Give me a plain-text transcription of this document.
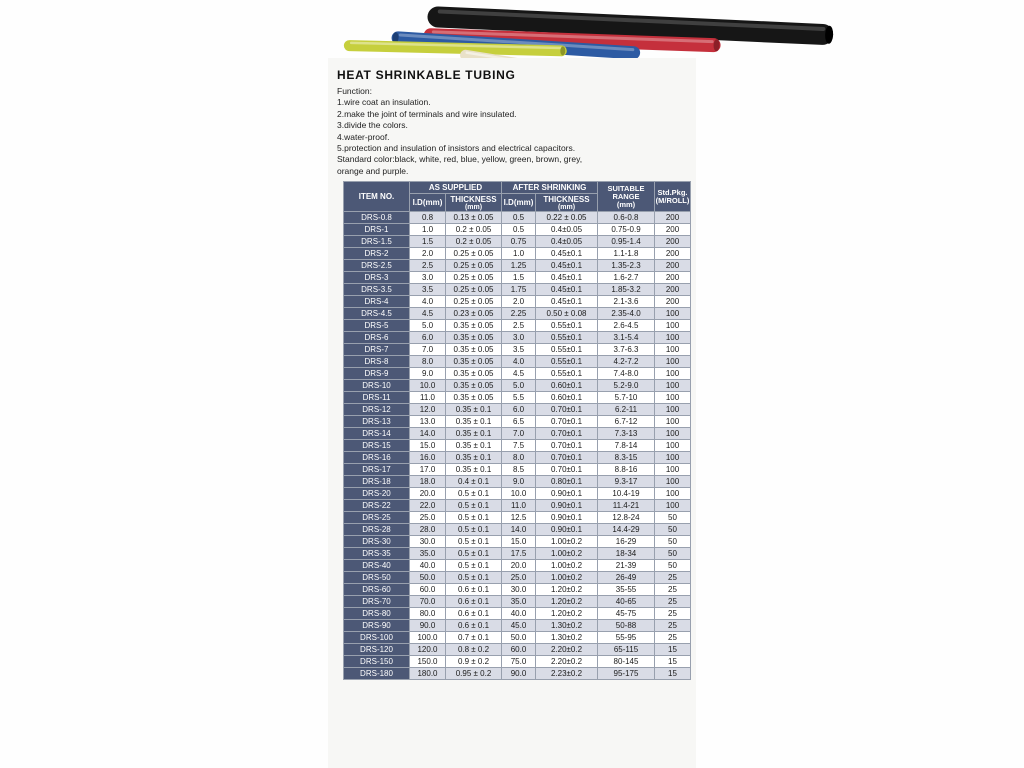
HEAT SHRINKABLE TUBING
Function:
1.wire coat an insulation.
2.make the joint of terminals and wire insulated.
3.divide the colors.
4.water-proof.
5.protection and insulation of insistors and electrical capacitors.
Standard color:black, white, red, blue, yellow, green, brown, grey,
orange and purple.
ITEM NO.	AS SUPPLIED		AFTER SHRINKING		SUITABLE
RANGE
(mm)	Std.Pkg.
(M/ROLL)

	I.D(mm)	THICKNESS
(mm)	I.D(mm)	THICKNESS
(mm)		

DRS-0.8	0.8	0.13 ± 0.05	0.5	0.22 ± 0.05	0.6-0.8	200
DRS-1	1.0	0.2 ± 0.05	0.5	0.4±0.05	0.75-0.9	200
DRS-1.5	1.5	0.2 ± 0.05	0.75	0.4±0.05	0.95-1.4	200
DRS-2	2.0	0.25 ± 0.05	1.0	0.45±0.1	1.1-1.8	200
DRS-2.5	2.5	0.25 ± 0.05	1.25	0.45±0.1	1.35-2.3	200
DRS-3	3.0	0.25 ± 0.05	1.5	0.45±0.1	1.6-2.7	200
DRS-3.5	3.5	0.25 ± 0.05	1.75	0.45±0.1	1.85-3.2	200
DRS-4	4.0	0.25 ± 0.05	2.0	0.45±0.1	2.1-3.6	200
DRS-4.5	4.5	0.23 ± 0.05	2.25	0.50 ± 0.08	2.35-4.0	100
DRS-5	5.0	0.35 ± 0.05	2.5	0.55±0.1	2.6-4.5	100
DRS-6	6.0	0.35 ± 0.05	3.0	0.55±0.1	3.1-5.4	100
DRS-7	7.0	0.35 ± 0.05	3.5	0.55±0.1	3.7-6.3	100
DRS-8	8.0	0.35 ± 0.05	4.0	0.55±0.1	4.2-7.2	100
DRS-9	9.0	0.35 ± 0.05	4.5	0.55±0.1	7.4-8.0	100
DRS-10	10.0	0.35 ± 0.05	5.0	0.60±0.1	5.2-9.0	100
DRS-11	11.0	0.35 ± 0.05	5.5	0.60±0.1	5.7-10	100
DRS-12	12.0	0.35 ± 0.1	6.0	0.70±0.1	6.2-11	100
DRS-13	13.0	0.35 ± 0.1	6.5	0.70±0.1	6.7-12	100
DRS-14	14.0	0.35 ± 0.1	7.0	0.70±0.1	7.3-13	100
DRS-15	15.0	0.35 ± 0.1	7.5	0.70±0.1	7.8-14	100
DRS-16	16.0	0.35 ± 0.1	8.0	0.70±0.1	8.3-15	100
DRS-17	17.0	0.35 ± 0.1	8.5	0.70±0.1	8.8-16	100
DRS-18	18.0	0.4 ± 0.1	9.0	0.80±0.1	9.3-17	100
DRS-20	20.0	0.5 ± 0.1	10.0	0.90±0.1	10.4-19	100
DRS-22	22.0	0.5 ± 0.1	11.0	0.90±0.1	11.4-21	100
DRS-25	25.0	0.5 ± 0.1	12.5	0.90±0.1	12.8-24	50
DRS-28	28.0	0.5 ± 0.1	14.0	0.90±0.1	14.4-29	50
DRS-30	30.0	0.5 ± 0.1	15.0	1.00±0.2	16-29	50
DRS-35	35.0	0.5 ± 0.1	17.5	1.00±0.2	18-34	50
DRS-40	40.0	0.5 ± 0.1	20.0	1.00±0.2	21-39	50
DRS-50	50.0	0.5 ± 0.1	25.0	1.00±0.2	26-49	25
DRS-60	60.0	0.6 ± 0.1	30.0	1.20±0.2	35-55	25
DRS-70	70.0	0.6 ± 0.1	35.0	1.20±0.2	40-65	25
DRS-80	80.0	0.6 ± 0.1	40.0	1.20±0.2	45-75	25
DRS-90	90.0	0.6 ± 0.1	45.0	1.30±0.2	50-88	25
DRS-100	100.0	0.7 ± 0.1	50.0	1.30±0.2	55-95	25
DRS-120	120.0	0.8 ± 0.2	60.0	2.20±0.2	65-115	15
DRS-150	150.0	0.9 ± 0.2	75.0	2.20±0.2	80-145	15
DRS-180	180.0	0.95 ± 0.2	90.0	2.23±0.2	95-175	15
